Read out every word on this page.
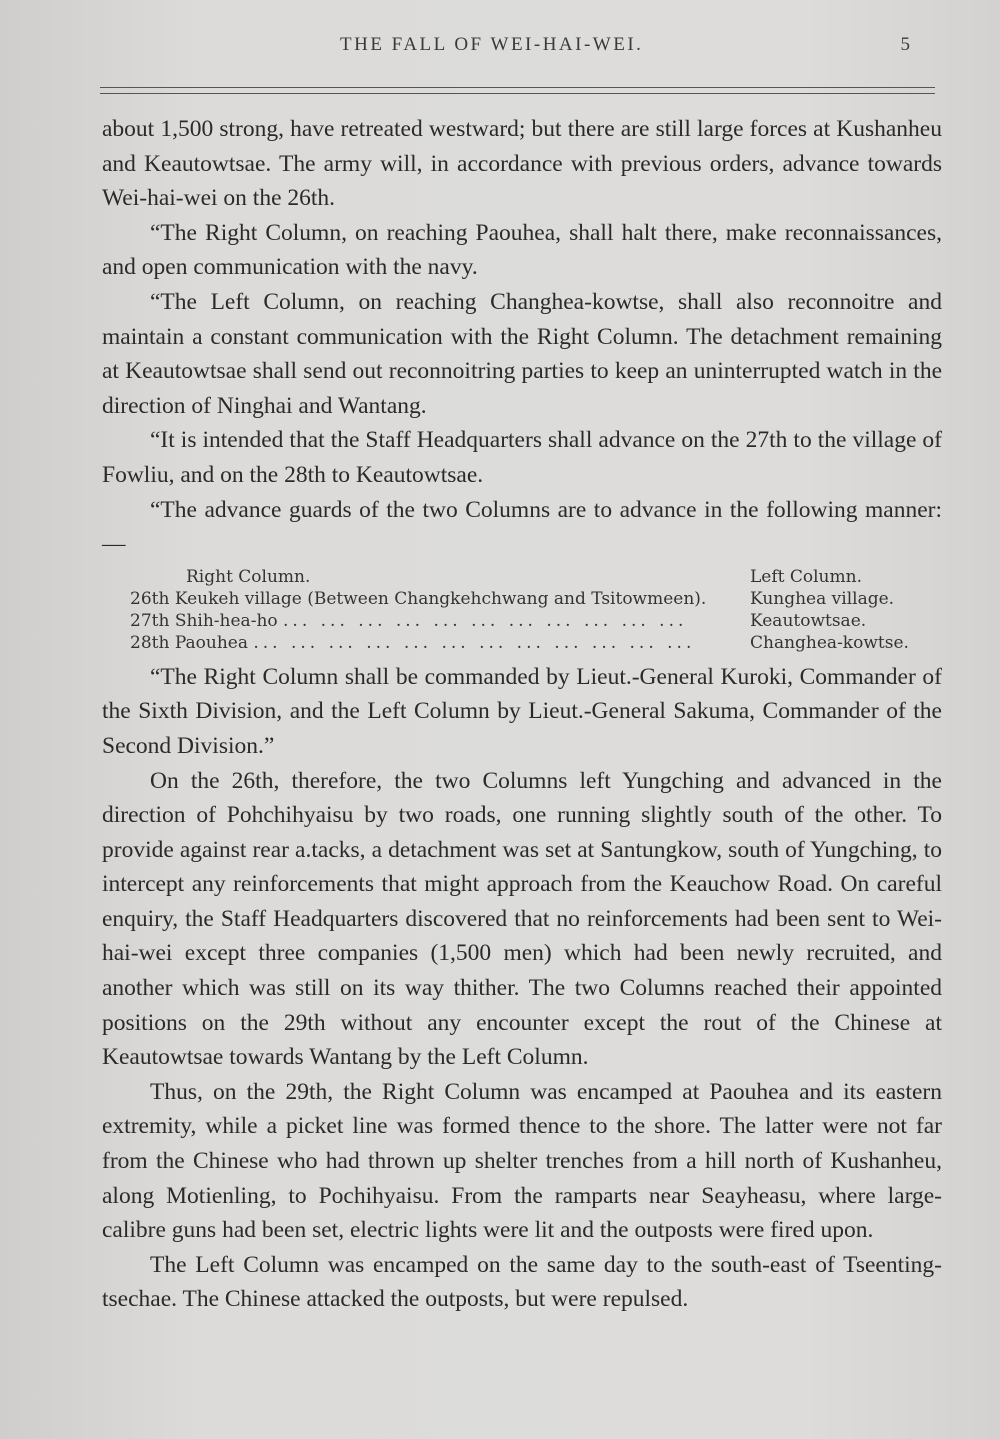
THE FALL OF WEI-HAI-WEI.	5

about 1,500 strong, have retreated westward; but there are still large forces at Kushanheu and Keautowtsae. The army will, in accordance with previous orders, advance towards Wei-hai-wei on the 26th.

“The Right Column, on reaching Paouhea, shall halt there, make reconnaissances, and open communication with the navy.

“The Left Column, on reaching Changhea-kowtse, shall also reconnoitre and maintain a constant communication with the Right Column. The detachment remaining at Keautowtsae shall send out reconnoitring parties to keep an uninterrupted watch in the direction of Ninghai and Wantang.

“It is intended that the Staff Headquarters shall advance on the 27th to the village of Fowliu, and on the 28th to Keautowtsae.

“The advance guards of the two Columns are to advance in the following manner:—

Right Column.	Left Column.
26th Keukeh village (Between Changkehchwang and Tsitowmeen).	Kunghea village.
27th Shih-hea-ho ... ... ... ... ... ... ... ... ... ... ...	Keautowtsae.
28th Paouhea ... ... ... ... ... ... ... ... ... ... ... ...	Changhea-kowtse.

“The Right Column shall be commanded by Lieut.-General Kuroki, Commander of the Sixth Division, and the Left Column by Lieut.-General Sakuma, Commander of the Second Division.”

On the 26th, therefore, the two Columns left Yungching and advanced in the direction of Pohchihyaisu by two roads, one running slightly south of the other. To provide against rear a.tacks, a detachment was set at Santungkow, south of Yungching, to intercept any reinforcements that might approach from the Keauchow Road. On careful enquiry, the Staff Headquarters discovered that no reinforcements had been sent to Wei-hai-wei except three companies (1,500 men) which had been newly recruited, and another which was still on its way thither. The two Columns reached their appointed positions on the 29th without any encounter except the rout of the Chinese at Keautowtsae towards Wantang by the Left Column.

Thus, on the 29th, the Right Column was encamped at Paouhea and its eastern extremity, while a picket line was formed thence to the shore. The latter were not far from the Chinese who had thrown up shelter trenches from a hill north of Kushanheu, along Motienling, to Pochihyaisu. From the ramparts near Seayheasu, where large-calibre guns had been set, electric lights were lit and the outposts were fired upon.

The Left Column was encamped on the same day to the south-east of Tseenting-tsechae. The Chinese attacked the outposts, but were repulsed.
